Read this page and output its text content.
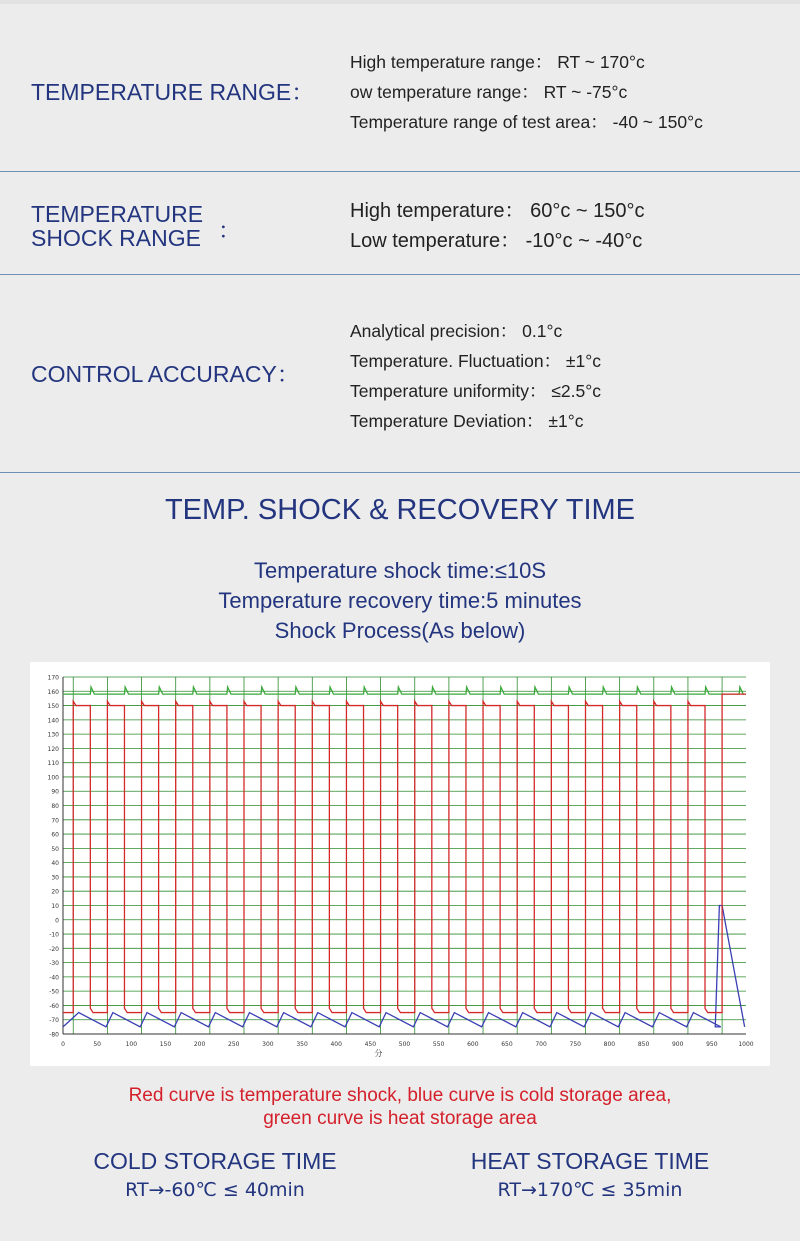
TEMPERATURE RANGE：
High temperature range： RT ~ 170°c
ow temperature range： RT ~ -75°c
Temperature range of test area： -40 ~ 150°c
TEMPERATURE
SHOCK RANGE ：
High temperature： 60°c ~ 150°c
Low temperature： -10°c ~ -40°c
CONTROL ACCURACY：
Analytical precision： 0.1°c
Temperature. Fluctuation： ±1°c
Temperature uniformity： ≤2.5°c
Temperature Deviation： ±1°c
TEMP. SHOCK & RECOVERY TIME
Temperature shock time:≤10S
Temperature recovery time:5 minutes
Shock Process(As below)
170
160
150
140
130
120
110
100
90
80
70
60
50
40
30
20
10
0
-10
-20
-30
-40
-50
-60
-70
-80
0	50	100	150	200	250	300	350	400	450	500	550	600	650	700	750	800	850	900	950	1000
分
Red curve is temperature shock, blue curve is cold storage area,
green curve is heat storage area
COLD STORAGE TIME
RT→-60℃ ≤ 40min
HEAT STORAGE TIME
RT→170℃ ≤ 35min
